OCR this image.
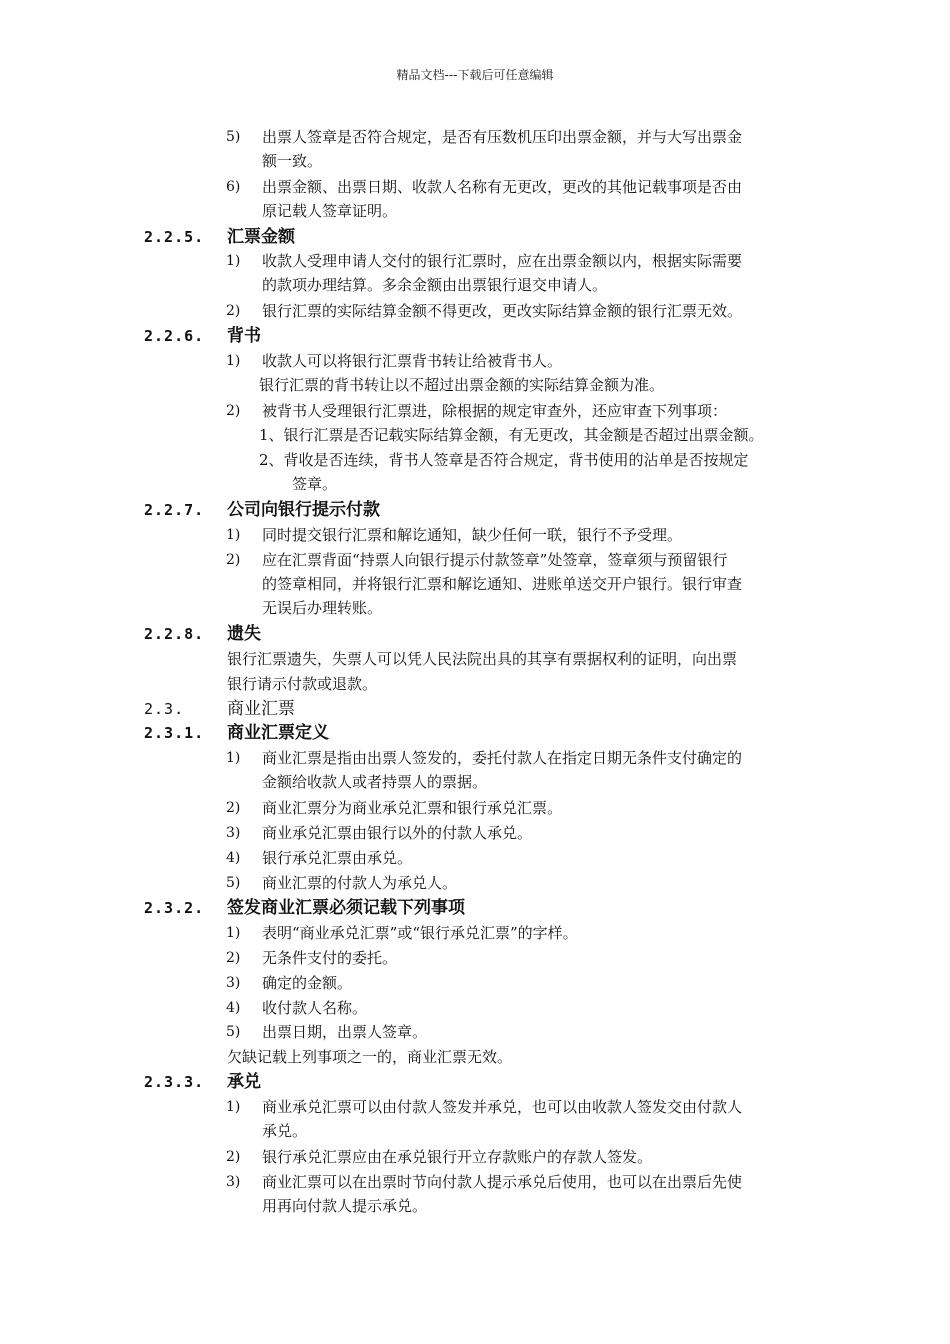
精品文档---下载后可任意编辑
5) 出票人签章是否符合规定，是否有压数机压印出票金额，并与大写出票金
额一致。
6) 出票金额、出票日期、收款人名称有无更改，更改的其他记载事项是否由
原记载人签章证明。
2.2.5. 汇票金额
1) 收款人受理申请人交付的银行汇票时，应在出票金额以内，根据实际需要
的款项办理结算。多余金额由出票银行退交申请人。
2) 银行汇票的实际结算金额不得更改，更改实际结算金额的银行汇票无效。
2.2.6. 背书
1) 收款人可以将银行汇票背书转让给被背书人。
银行汇票的背书转让以不超过出票金额的实际结算金额为准。
2) 被背书人受理银行汇票进，除根据的规定审查外，还应审查下列事项：
1、银行汇票是否记载实际结算金额，有无更改，其金额是否超过出票金额。
2、背收是否连续，背书人签章是否符合规定，背书使用的沾单是否按规定
签章。
2.2.7. 公司向银行提示付款
1) 同时提交银行汇票和解讫通知，缺少任何一联，银行不予受理。
2) 应在汇票背面“持票人向银行提示付款签章”处签章，签章须与预留银行
的签章相同，并将银行汇票和解讫通知、进账单送交开户银行。银行审查
无误后办理转账。
2.2.8. 遗失
银行汇票遗失，失票人可以凭人民法院出具的其享有票据权利的证明，向出票
银行请示付款或退款。
2.3.	商业汇票
2.3.1. 商业汇票定义
1) 商业汇票是指由出票人签发的，委托付款人在指定日期无条件支付确定的
金额给收款人或者持票人的票据。
2) 商业汇票分为商业承兑汇票和银行承兑汇票。
3) 商业承兑汇票由银行以外的付款人承兑。
4) 银行承兑汇票由承兑。
5) 商业汇票的付款人为承兑人。
2.3.2. 签发商业汇票必须记载下列事项
1) 表明“商业承兑汇票”或“银行承兑汇票”的字样。
2) 无条件支付的委托。
3) 确定的金额。
4) 收付款人名称。
5) 出票日期，出票人签章。
欠缺记载上列事项之一的，商业汇票无效。
2.3.3. 承兑
1) 商业承兑汇票可以由付款人签发并承兑，也可以由收款人签发交由付款人
承兑。
2) 银行承兑汇票应由在承兑银行开立存款账户的存款人签发。
3) 商业汇票可以在出票时节向付款人提示承兑后使用，也可以在出票后先使
用再向付款人提示承兑。
